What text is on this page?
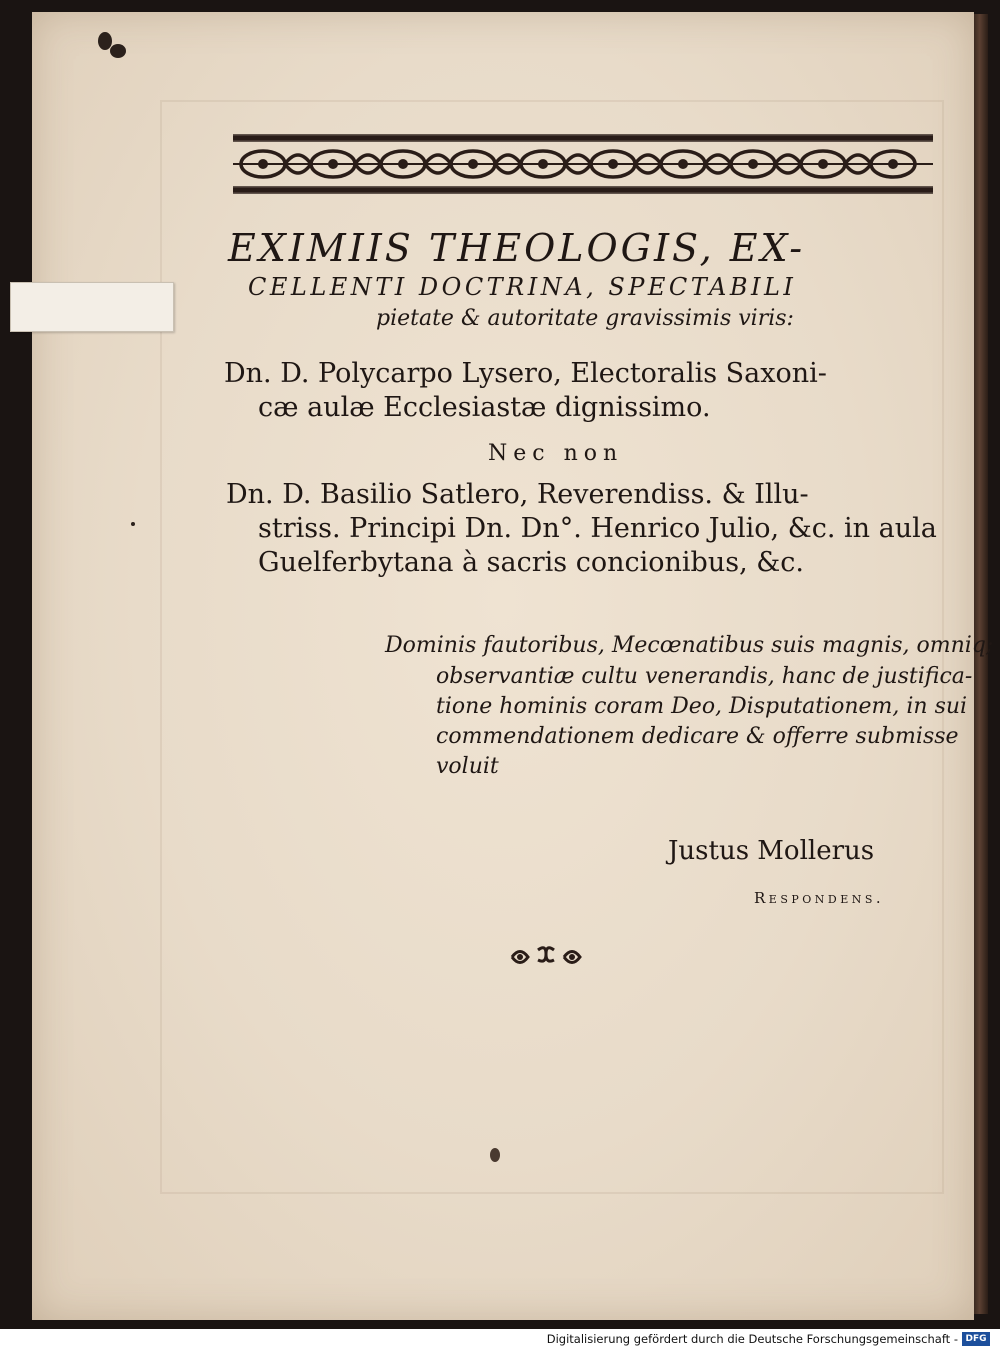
EXIMIIS THEOLOGIS, EX-
CELLENTI DOCTRINA, SPECTABILI
pietate & autoritate gravissimis viris:
Dn. D. Polycarpo Lysero, Electoralis Saxoni-
cæ aulæ Ecclesiastæ dignissimo.
Nec non
Dn. D. Basilio Satlero, Reverendiss. & Illu-
striss. Principi Dn. Dn°. Henrico Julio, &c. in aula
Guelferbytana à sacris concionibus, &c.
Dominis fautoribus, Mecœnatibus suis magnis, omniq;
observantiæ cultu venerandis, hanc de justifica-
tione hominis coram Deo, Disputationem, in sui
commendationem dedicare & offerre submisse
voluit
Justus Mollerus
Respondens.
Digitalisierung gefördert durch die Deutsche Forschungsgemeinschaft - DFG
